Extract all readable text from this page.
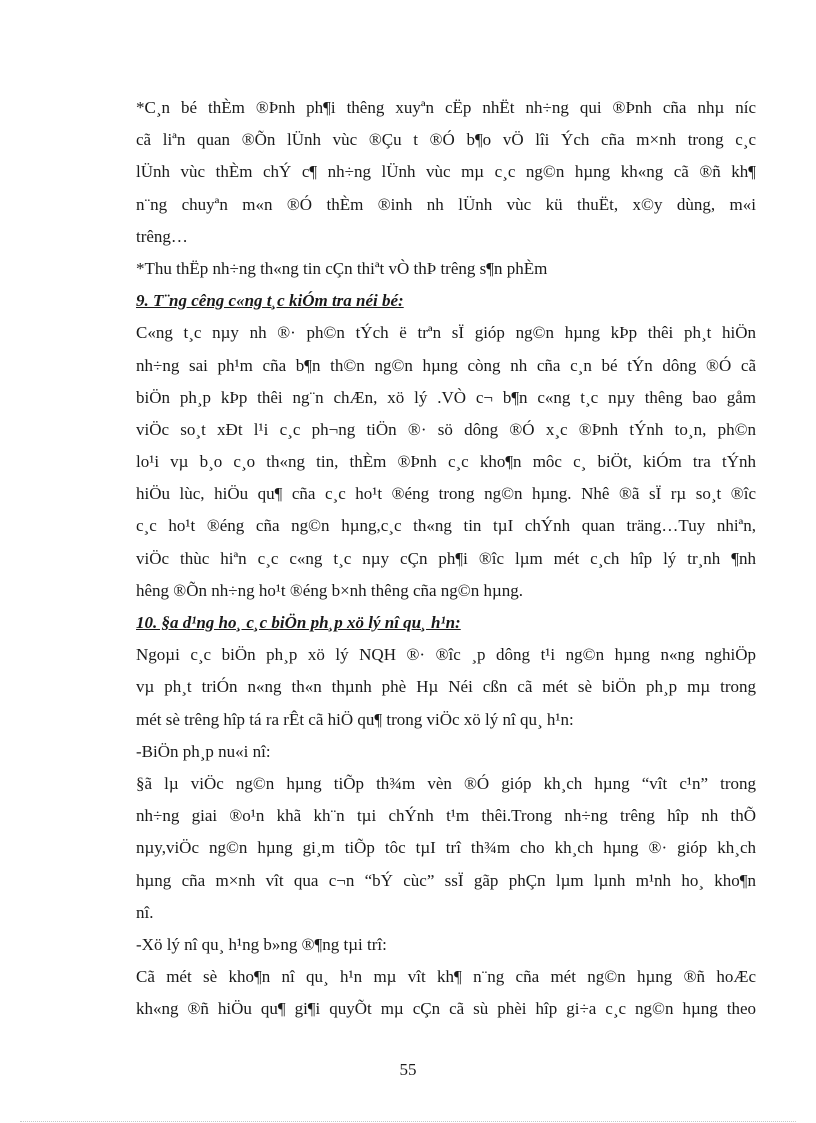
*C¸n bé thÈm ®Þnh ph¶i thêng xuyªn cËp nhËt nh÷ng qui ®Þnh cña nhµ níc
cã liªn quan ®Õn lÜnh vùc ®Çu t ®Ó b¶o vÖ lîi Ých cña m×nh trong c¸c
lÜnh vùc thÈm chÝ c¶ nh÷ng lÜnh vùc mµ c¸c ng©n hµng kh«ng cã ®ñ kh¶
n¨ng chuyªn m«n ®Ó thÈm ®inh nh lÜnh vùc kü thuËt, x©y dùng, m«i
trêng…
*Thu thËp nh÷ng th«ng tin cÇn thiªt vÒ thÞ trêng s¶n phÈm
9. T¨ng cêng c«ng t¸c kiÓm tra néi bé:
C«ng t¸c nµy nh ®· ph©n tÝch ë trªn sÏ gióp ng©n hµng kÞp thêi ph¸t hiÖn
nh÷ng sai ph¹m cña b¶n th©n ng©n hµng còng nh cña c¸n bé tÝn dông ®Ó cã
biÖn ph¸p kÞp thêi ng¨n chÆn, xö lý .VÒ c¬ b¶n c«ng t¸c nµy thêng bao gåm
viÖc so¸t xÐt l¹i c¸c ph¬ng tiÖn ®· sö dông ®Ó x¸c ®Þnh tÝnh to¸n, ph©n
lo¹i vµ b¸o c¸o th«ng tin, thÈm ®Þnh c¸c kho¶n môc c¸ biÖt, kiÓm tra tÝnh
hiÖu lùc, hiÖu qu¶ cña c¸c ho¹t ®éng trong ng©n hµng. Nhê ®ã sÏ rµ so¸t ®îc
c¸c ho¹t ®éng cña ng©n hµng,c¸c th«ng tin tµI chÝnh quan träng…Tuy nhiªn,
viÖc thùc hiªn c¸c c«ng t¸c nµy cÇn ph¶i ®îc lµm mét c¸ch hîp lý tr¸nh ¶nh
hêng ®Õn nh÷ng ho¹t ®éng b×nh thêng cña ng©n hµng.
10. §a d¹ng ho¸ c¸c biÖn ph¸p xö lý nî qu¸ h¹n:
Ngoµi c¸c biÖn ph¸p xö lý NQH ®· ®îc ¸p dông t¹i ng©n hµng n«ng nghiÖp
vµ ph¸t triÓn n«ng th«n thµnh phè Hµ Néi cßn cã mét sè biÖn ph¸p mµ trong
mét sè trêng hîp tá ra rÊt cã hiÖ qu¶ trong viÖc xö lý nî qu¸ h¹n:
-BiÖn ph¸p nu«i nî:
§ã lµ viÖc ng©n hµng tiÕp th¾m vèn ®Ó gióp kh¸ch hµng “vît c¹n” trong
nh÷ng giai ®o¹n khã kh¨n tµi chÝnh t¹m thêi.Trong nh÷ng trêng hîp nh thÕ
nµy,viÖc ng©n hµng gi¸m tiÕp tôc tµI trî th¾m cho kh¸ch hµng ®· gióp kh¸ch
hµng cña m×nh vît qua c¬n “bÝ cùc” ssÏ gãp phÇn lµm lµnh m¹nh ho¸ kho¶n
nî.
-Xö lý nî qu¸ h¹ng b»ng ®¶ng tµi trî:
Cã mét sè kho¶n nî qu¸ h¹n mµ vît kh¶ n¨ng cña mét ng©n hµng ®ñ hoÆc
kh«ng ®ñ hiÖu qu¶ gi¶i quyÕt mµ cÇn cã sù phèi hîp gi÷a c¸c ng©n hµng theo
55
